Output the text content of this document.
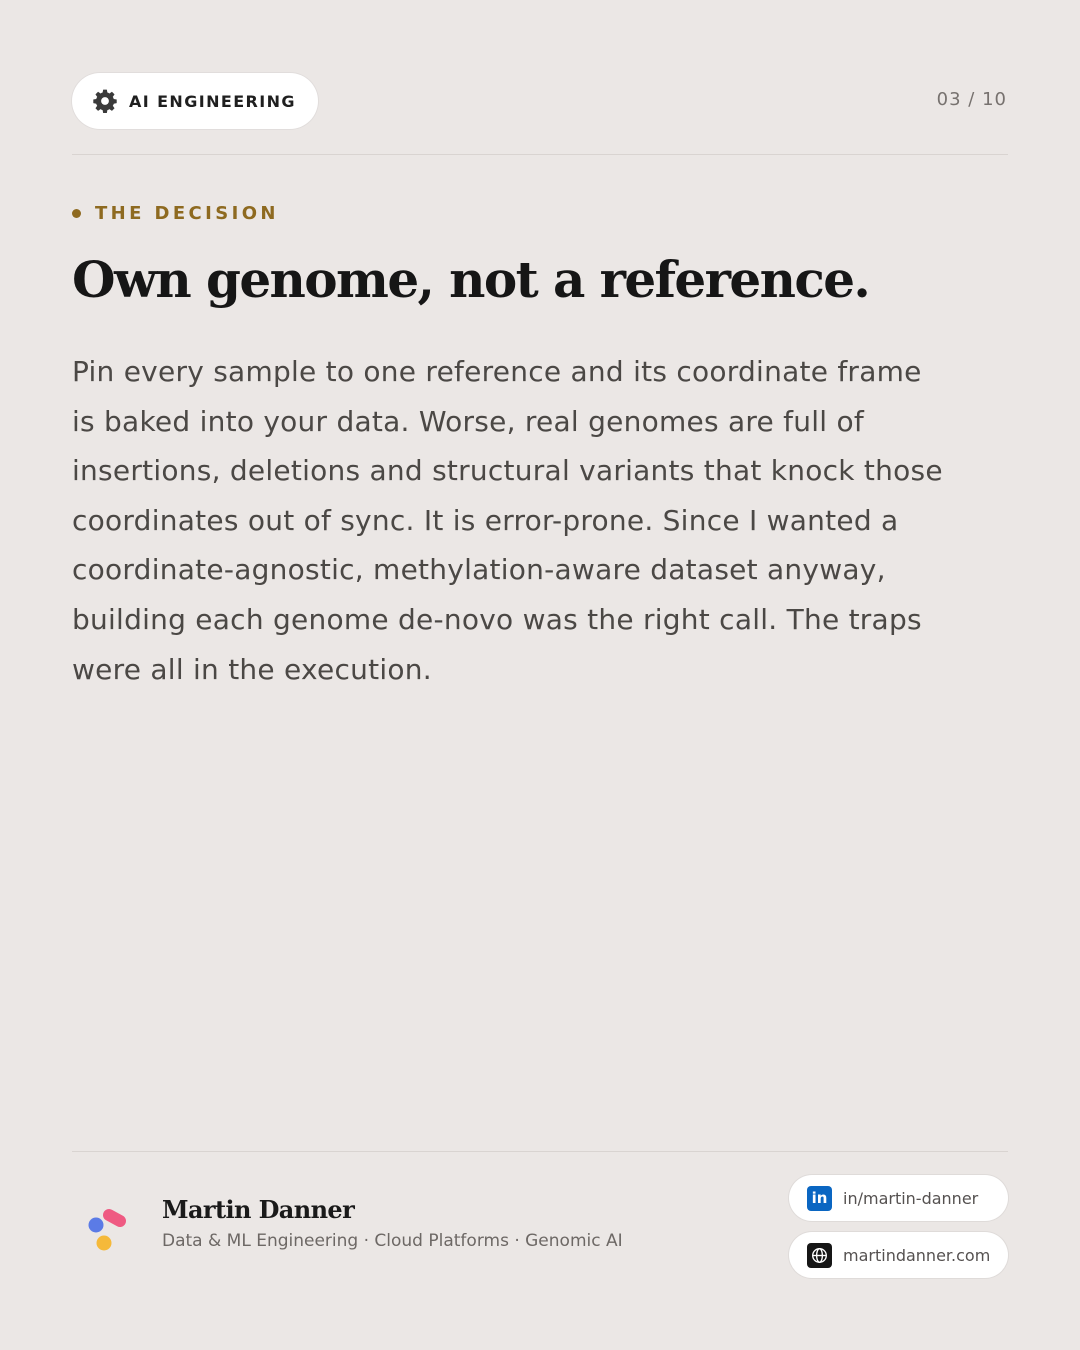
AI ENGINEERING	03 / 10
THE DECISION
Own genome, not a reference.

Pin every sample to one reference and its coordinate frame
is baked into your data. Worse, real genomes are full of
insertions, deletions and structural variants that knock those
coordinates out of sync. It is error-prone. Since I wanted a
coordinate-agnostic, methylation-aware dataset anyway,
building each genome de-novo was the right call. The traps
were all in the execution.

Martin Danner
Data & ML Engineering · Cloud Platforms · Genomic AI
in in/martin-danner
martindanner.com
